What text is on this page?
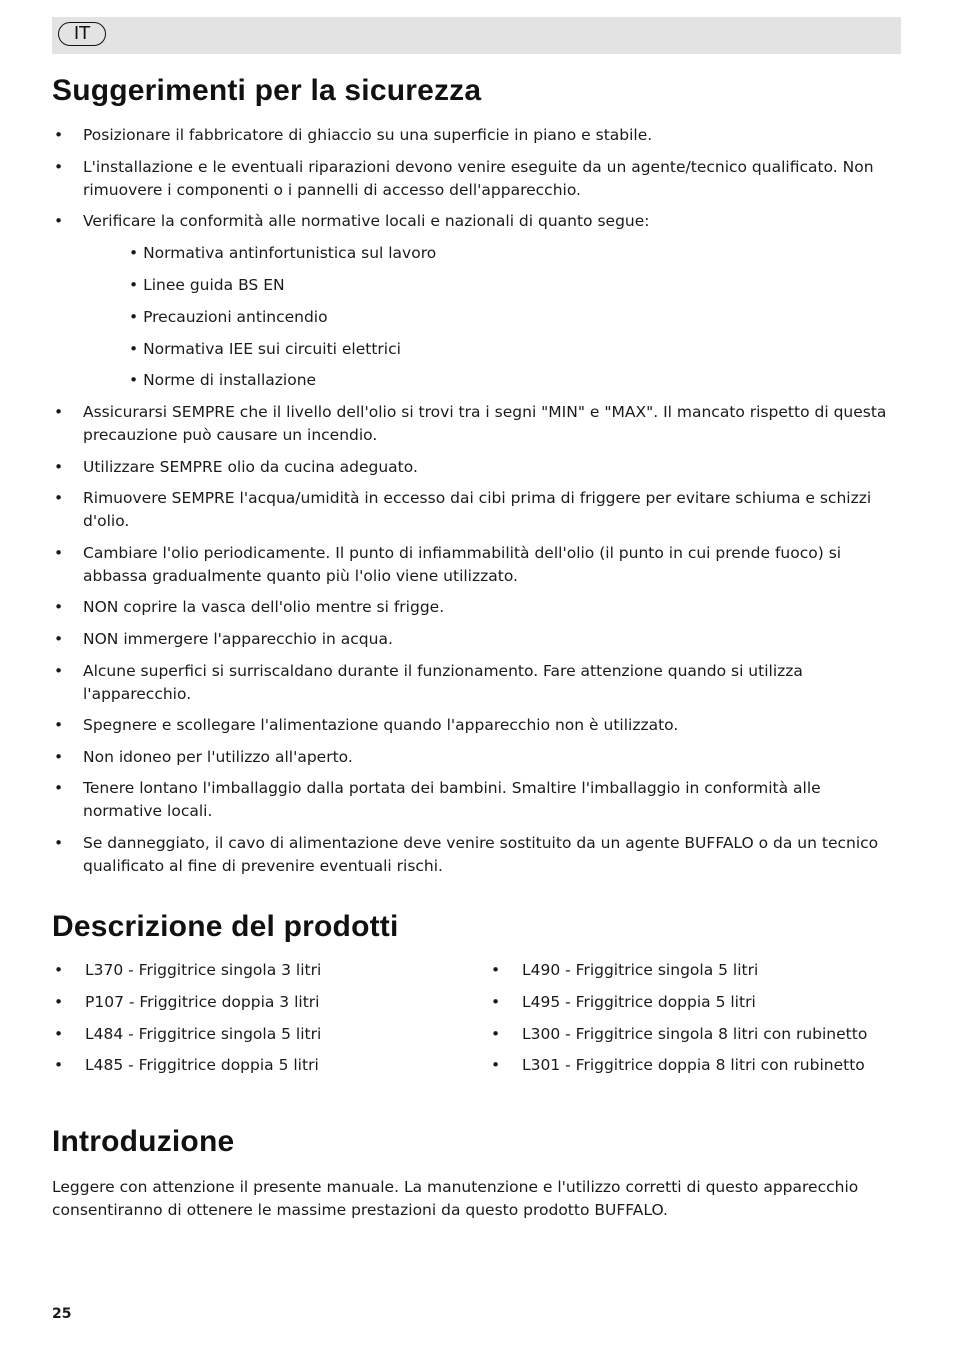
IT
Suggerimenti per la sicurezza
• Posizionare il fabbricatore di ghiaccio su una superficie in piano e stabile.
• L'installazione e le eventuali riparazioni devono venire eseguite da un agente/tecnico qualificato. Non rimuovere i componenti o i pannelli di accesso dell'apparecchio.
• Verificare la conformità alle normative locali e nazionali di quanto segue:
• Normativa antinfortunistica sul lavoro
• Linee guida BS EN
• Precauzioni antincendio
• Normativa IEE sui circuiti elettrici
• Norme di installazione
• Assicurarsi SEMPRE che il livello dell'olio si trovi tra i segni "MIN" e "MAX". Il mancato rispetto di questa precauzione può causare un incendio.
• Utilizzare SEMPRE olio da cucina adeguato.
• Rimuovere SEMPRE l'acqua/umidità in eccesso dai cibi prima di friggere per evitare schiuma e schizzi d'olio.
• Cambiare l'olio periodicamente. Il punto di infiammabilità dell'olio (il punto in cui prende fuoco) si abbassa gradualmente quanto più l'olio viene utilizzato.
• NON coprire la vasca dell'olio mentre si frigge.
• NON immergere l'apparecchio in acqua.
• Alcune superfici si surriscaldano durante il funzionamento. Fare attenzione quando si utilizza l'apparecchio.
• Spegnere e scollegare l'alimentazione quando l'apparecchio non è utilizzato.
• Non idoneo per l'utilizzo all'aperto.
• Tenere lontano l'imballaggio dalla portata dei bambini. Smaltire l'imballaggio in conformità alle normative locali.
• Se danneggiato, il cavo di alimentazione deve venire sostituito da un agente BUFFALO o da un tecnico qualificato al fine di prevenire eventuali rischi.
Descrizione del prodotti
• L370 - Friggitrice singola 3 litri
• P107 - Friggitrice doppia 3 litri
• L484 - Friggitrice singola 5 litri
• L485 - Friggitrice doppia 5 litri
• L490 - Friggitrice singola 5 litri
• L495 - Friggitrice doppia 5 litri
• L300 - Friggitrice singola 8 litri con rubinetto
• L301 - Friggitrice doppia 8 litri con rubinetto
Introduzione

Leggere con attenzione il presente manuale. La manutenzione e l'utilizzo corretti di questo apparecchio consentiranno di ottenere le massime prestazioni da questo prodotto BUFFALO.

25
